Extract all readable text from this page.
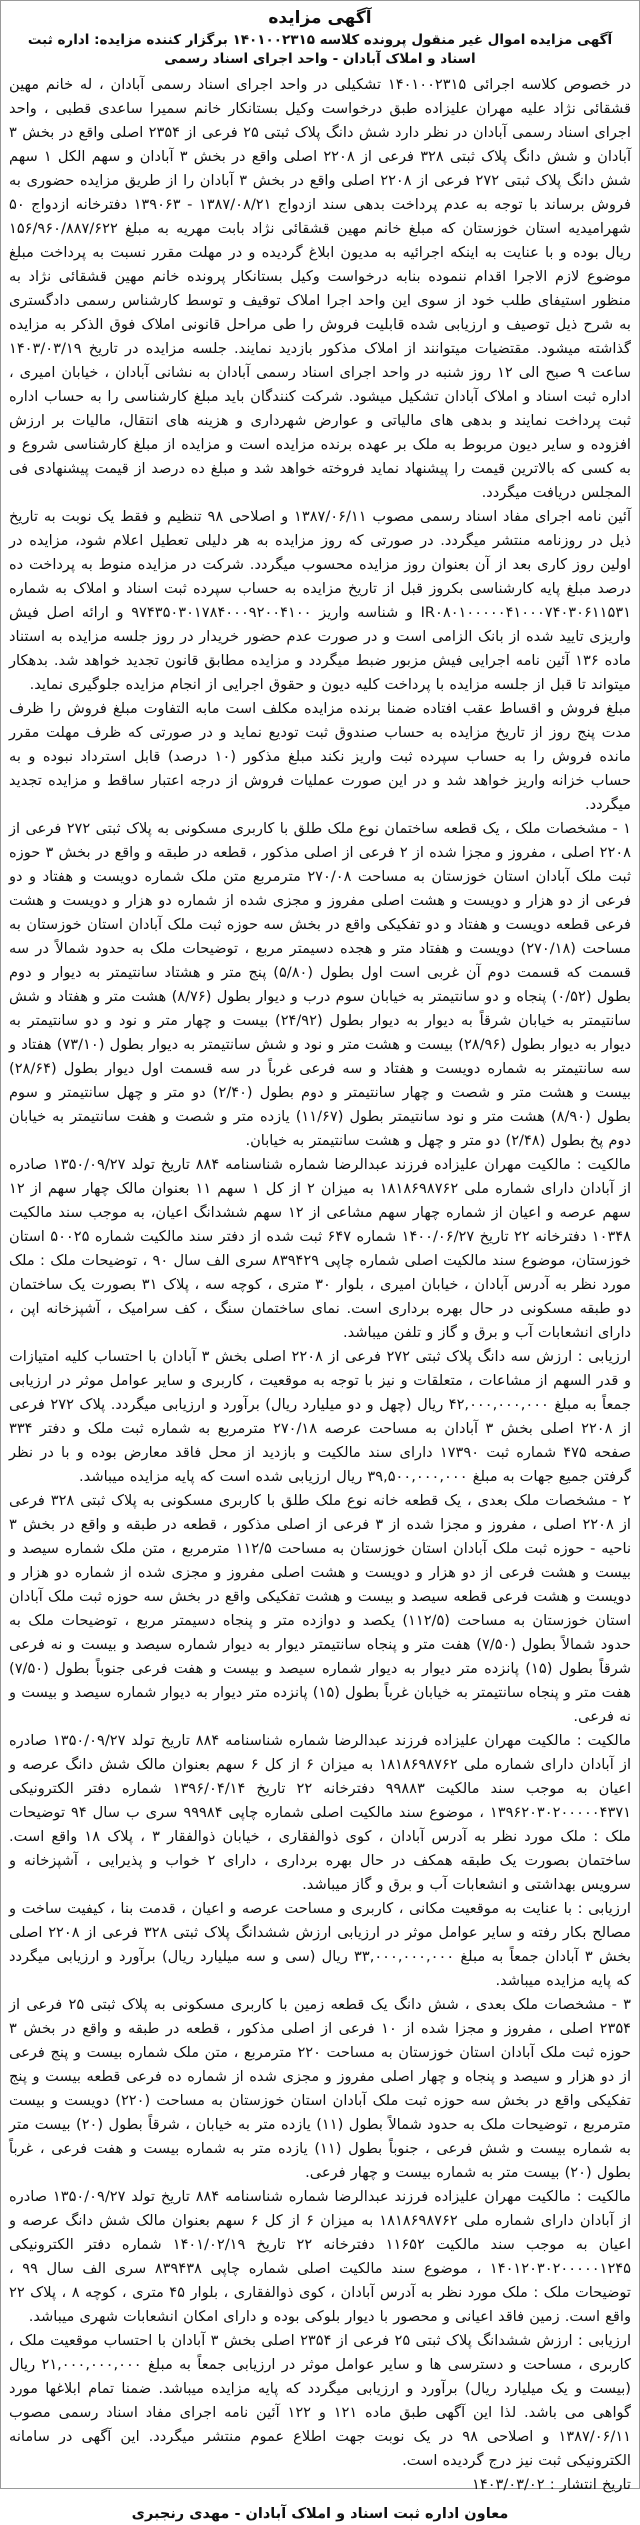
آگهی مزایده

آگهی مزایده اموال غیر منقول پرونده کلاسه ۱۴۰۱۰۰۲۳۱۵ برگزار کننده مزایده: اداره ثبت اسناد و املاک آبادان - واحد اجرای اسناد رسمی

در خصوص کلاسه اجرائی ۱۴۰۱۰۰۲۳۱۵ تشکیلی در واحد اجرای اسناد رسمی آبادان ، له خانم مهین قشقائی نژاد علیه مهران علیزاده طبق درخواست وکیل بستانکار خانم سمیرا ساعدی قطبی ، واحد اجرای اسناد رسمی آبادان در نظر دارد شش دانگ پلاک ثبتی ۲۵ فرعی از ۲۳۵۴ اصلی واقع در بخش ۳ آبادان و شش دانگ پلاک ثبتی ۳۲۸ فرعی از ۲۲۰۸ اصلی واقع در بخش ۳ آبادان و سهم الکل ۱ سهم شش دانگ پلاک ثبتی ۲۷۲ فرعی از ۲۲۰۸ اصلی واقع در بخش ۳ آبادان را از طریق مزایده حضوری به فروش برساند با توجه به عدم پرداخت بدهی سند ازدواج ۱۳۸۷/۰۸/۲۱ - ۱۳۹۰۶۳ دفترخانه ازدواج ۵۰ شهرامیدیه استان خوزستان که مبلغ خانم مهین قشقائی نژاد بابت مهریه به مبلغ ۱۵۶/۹۶۰/۸۸۷/۶۲۲ ریال بوده و با عنایت به اینکه اجرائیه به مدیون ابلاغ گردیده و در مهلت مقرر نسبت به پرداخت مبلغ موضوع لازم الاجرا اقدام ننموده بنابه درخواست وکیل بستانکار پرونده خانم مهین قشقائی نژاد به منظور استیفای طلب خود از سوی این واحد اجرا املاک توقیف و توسط کارشناس رسمی دادگستری به شرح ذیل توصیف و ارزیابی شده قابلیت فروش را طی مراحل قانونی املاک فوق الذکر به مزایده گذاشته میشود. مقتضیات میتوانند از املاک مذکور بازدید نمایند. جلسه مزایده در تاریخ ۱۴۰۳/۰۳/۱۹ ساعت ۹ صبح الی ۱۲ روز شنبه در واحد اجرای اسناد رسمی آبادان به نشانی آبادان ، خیابان امیری ، اداره ثبت اسناد و املاک آبادان تشکیل میشود. شرکت کنندگان باید مبلغ کارشناسی را به حساب اداره ثبت پرداخت نمایند و بدهی های مالیاتی و عوارض شهرداری و هزینه های انتقال، مالیات بر ارزش افزوده و سایر دیون مربوط به ملک بر عهده برنده مزایده است و مزایده از مبلغ کارشناسی شروع و به کسی که بالاترین قیمت را پیشنهاد نماید فروخته خواهد شد و مبلغ ده درصد از قیمت پیشنهادی فی المجلس دریافت میگردد.

آئین نامه اجرای مفاد اسناد رسمی مصوب ۱۳۸۷/۰۶/۱۱ و اصلاحی ۹۸ تنظیم و فقط یک نوبت به تاریخ ذیل در روزنامه منتشر میگردد. در صورتی که روز مزایده به هر دلیلی تعطیل اعلام شود، مزایده در اولین روز کاری بعد از آن بعنوان روز مزایده محسوب میگردد. شرکت در مزایده منوط به پرداخت ده درصد مبلغ پایه کارشناسی بکروز قبل از تاریخ مزایده به حساب سپرده ثبت اسناد و املاک به شماره IR۰۸۰۱۰۰۰۰۰۴۱۰۰۰۷۴۰۳۰۶۱۱۵۳۱ و شناسه واریز ۹۷۴۳۵۰۳۰۱۷۸۴۰۰۰۹۲۰۰۴۱۰۰ و ارائه اصل فیش واریزی تایید شده از بانک الزامی است و در صورت عدم حضور خریدار در روز جلسه مزایده به استناد ماده ۱۳۶ آئین نامه اجرایی فیش مزبور ضبط میگردد و مزایده مطابق قانون تجدید خواهد شد. بدهکار میتواند تا قبل از جلسه مزایده با پرداخت کلیه دیون و حقوق اجرایی از انجام مزایده جلوگیری نماید.

مبلغ فروش و اقساط عقب افتاده ضمنا برنده مزایده مکلف است مابه التفاوت مبلغ فروش را ظرف مدت پنج روز از تاریخ مزایده به حساب صندوق ثبت تودیع نماید و در صورتی که ظرف مهلت مقرر مانده فروش را به حساب سپرده ثبت واریز نکند مبلغ مذکور (۱۰ درصد) قابل استرداد نبوده و به حساب خزانه واریز خواهد شد و در این صورت عملیات فروش از درجه اعتبار ساقط و مزایده تجدید میگردد.

۱ - مشخصات ملک ، یک قطعه ساختمان نوع ملک طلق با کاربری مسکونی به پلاک ثبتی ۲۷۲ فرعی از ۲۲۰۸ اصلی ، مفروز و مجزا شده از ۲ فرعی از اصلی مذکور ، قطعه در طبقه و واقع در بخش ۳ حوزه ثبت ملک آبادان استان خوزستان به مساحت ۲۷۰/۰۸ مترمربع متن ملک شماره دویست و هفتاد و دو فرعی از دو هزار و دویست و هشت اصلی مفروز و مجزی شده از شماره دو هزار و دویست و هشت فرعی قطعه دویست و هفتاد و دو تفکیکی واقع در بخش سه حوزه ثبت ملک آبادان استان خوزستان به مساحت (۲۷۰/۱۸) دویست و هفتاد متر و هجده دسیمتر مربع ، توضیحات ملک به حدود شمالاً در سه قسمت که قسمت دوم آن غربی است اول بطول (۵/۸۰) پنج متر و هشتاد سانتیمتر به دیوار و دوم بطول (۰/۵۲) پنجاه و دو سانتیمتر به خیابان سوم درب و دیوار بطول (۸/۷۶) هشت متر و هفتاد و شش سانتیمتر به خیابان شرقاً به دیوار به دیوار بطول (۲۴/۹۲) بیست و چهار متر و نود و دو سانتیمتر به دیوار به دیوار بطول (۲۸/۹۶) بیست و هشت متر و نود و شش سانتیمتر به دیوار بطول (۷۳/۱۰) هفتاد و سه سانتیمتر به شماره دویست و هفتاد و سه فرعی غرباً در سه قسمت اول دیوار بطول (۲۸/۶۴) بیست و هشت متر و شصت و چهار سانتیمتر و دوم بطول (۲/۴۰) دو متر و چهل سانتیمتر و سوم بطول (۸/۹۰) هشت متر و نود سانتیمتر بطول (۱۱/۶۷) یازده متر و شصت و هفت سانتیمتر به خیابان دوم پخ بطول (۲/۴۸) دو متر و چهل و هشت سانتیمتر به خیابان.

مالکیت : مالکیت مهران علیزاده فرزند عبدالرضا شماره شناسنامه ۸۸۴ تاریخ تولد ۱۳۵۰/۰۹/۲۷ صادره از آبادان دارای شماره ملی ۱۸۱۸۶۹۸۷۶۲ به میزان ۲ از کل ۱ سهم ۱۱ بعنوان مالک چهار سهم از ۱۲ سهم عرصه و اعیان از شماره چهار سهم مشاعی از ۱۲ سهم ششدانگ اعیان، به موجب سند مالکیت ۱۰۳۴۸ دفترخانه ۲۲ تاریخ ۱۴۰۰/۰۶/۲۷ شماره ۶۴۷ ثبت شده از دفتر سند مالکیت شماره ۵۰۰۲۵ استان خوزستان، موضوع سند مالکیت اصلی شماره چاپی ۸۳۹۴۲۹ سری الف سال ۹۰ ، توضیحات ملک : ملک مورد نظر به آدرس آبادان ، خیابان امیری ، بلوار ۳۰ متری ، کوچه سه ، پلاک ۳۱ بصورت یک ساختمان دو طبقه مسکونی در حال بهره برداری است. نمای ساختمان سنگ ، کف سرامیک ، آشپزخانه اپن ، دارای انشعابات آب و برق و گاز و تلفن میباشد.

ارزیابی : ارزش سه دانگ پلاک ثبتی ۲۷۲ فرعی از ۲۲۰۸ اصلی بخش ۳ آبادان با احتساب کلیه امتیازات و قدر السهم از مشاعات ، متعلقات و نیز با توجه به موقعیت ، کاربری و سایر عوامل موثر در ارزیابی جمعاً به مبلغ ۴۲,۰۰۰,۰۰۰,۰۰۰ ریال (چهل و دو میلیارد ریال) برآورد و ارزیابی میگردد. پلاک ۲۷۲ فرعی از ۲۲۰۸ اصلی بخش ۳ آبادان به مساحت عرصه ۲۷۰/۱۸ مترمربع به شماره ثبت ملک و دفتر ۳۳۴ صفحه ۴۷۵ شماره ثبت ۱۷۳۹۰ دارای سند مالکیت و بازدید از محل فاقد معارض بوده و با در نظر گرفتن جمیع جهات به مبلغ ۳۹,۵۰۰,۰۰۰,۰۰۰ ریال ارزیابی شده است که پایه مزایده میباشد.

۲ - مشخصات ملک بعدی ، یک قطعه خانه نوع ملک طلق با کاربری مسکونی به پلاک ثبتی ۳۲۸ فرعی از ۲۲۰۸ اصلی ، مفروز و مجزا شده از ۳ فرعی از اصلی مذکور ، قطعه در طبقه و واقع در بخش ۳ ناحیه - حوزه ثبت ملک آبادان استان خوزستان به مساحت ۱۱۲/۵ مترمربع ، متن ملک شماره سیصد و بیست و هشت فرعی از دو هزار و دویست و هشت اصلی مفروز و مجزی شده از شماره دو هزار و دویست و هشت فرعی قطعه سیصد و بیست و هشت تفکیکی واقع در بخش سه حوزه ثبت ملک آبادان استان خوزستان به مساحت (۱۱۲/۵) یکصد و دوازده متر و پنجاه دسیمتر مربع ، توضیحات ملک به حدود شمالاً بطول (۷/۵۰) هفت متر و پنجاه سانتیمتر دیوار به دیوار شماره سیصد و بیست و نه فرعی شرقاً بطول (۱۵) پانزده متر دیوار به دیوار شماره سیصد و بیست و هفت فرعی جنوباً بطول (۷/۵۰) هفت متر و پنجاه سانتیمتر به خیابان غرباً بطول (۱۵) پانزده متر دیوار به دیوار شماره سیصد و بیست و نه فرعی.

مالکیت : مالکیت مهران علیزاده فرزند عبدالرضا شماره شناسنامه ۸۸۴ تاریخ تولد ۱۳۵۰/۰۹/۲۷ صادره از آبادان دارای شماره ملی ۱۸۱۸۶۹۸۷۶۲ به میزان ۶ از کل ۶ سهم بعنوان مالک شش دانگ عرصه و اعیان به موجب سند مالکیت ۹۹۸۸۳ دفترخانه ۲۲ تاریخ ۱۳۹۶/۰۴/۱۴ شماره دفتر الکترونیکی ۱۳۹۶۲۰۳۰۲۰۰۰۰۰۴۳۷۱ ، موضوع سند مالکیت اصلی شماره چاپی ۹۹۹۸۴ سری ب سال ۹۴ توضیحات ملک : ملک مورد نظر به آدرس آبادان ، کوی ذوالفقاری ، خیابان ذوالفقار ۳ ، پلاک ۱۸ واقع است. ساختمان بصورت یک طبقه همکف در حال بهره برداری ، دارای ۲ خواب و پذیرایی ، آشپزخانه و سرویس بهداشتی و انشعابات آب و برق و گاز میباشد.

ارزیابی : با عنایت به موقعیت مکانی ، کاربری و مساحت عرصه و اعیان ، قدمت بنا ، کیفیت ساخت و مصالح بکار رفته و سایر عوامل موثر در ارزیابی ارزش ششدانگ پلاک ثبتی ۳۲۸ فرعی از ۲۲۰۸ اصلی بخش ۳ آبادان جمعاً به مبلغ ۳۳,۰۰۰,۰۰۰,۰۰۰ ریال (سی و سه میلیارد ریال) برآورد و ارزیابی میگردد که پایه مزایده میباشد.

۳ - مشخصات ملک بعدی ، شش دانگ یک قطعه زمین با کاربری مسکونی به پلاک ثبتی ۲۵ فرعی از ۲۳۵۴ اصلی ، مفروز و مجزا شده از ۱۰ فرعی از اصلی مذکور ، قطعه در طبقه و واقع در بخش ۳ حوزه ثبت ملک آبادان استان خوزستان به مساحت ۲۲۰ مترمربع ، متن ملک شماره بیست و پنج فرعی از دو هزار و سیصد و پنجاه و چهار اصلی مفروز و مجزی شده از شماره ده فرعی قطعه بیست و پنج تفکیکی واقع در بخش سه حوزه ثبت ملک آبادان استان خوزستان به مساحت (۲۲۰) دویست و بیست مترمربع ، توضیحات ملک به حدود شمالاً بطول (۱۱) یازده متر به خیابان ، شرقاً بطول (۲۰) بیست متر به شماره بیست و شش فرعی ، جنوباً بطول (۱۱) یازده متر به شماره بیست و هفت فرعی ، غرباً بطول (۲۰) بیست متر به شماره بیست و چهار فرعی.

مالکیت : مالکیت مهران علیزاده فرزند عبدالرضا شماره شناسنامه ۸۸۴ تاریخ تولد ۱۳۵۰/۰۹/۲۷ صادره از آبادان دارای شماره ملی ۱۸۱۸۶۹۸۷۶۲ به میزان ۶ از کل ۶ سهم بعنوان مالک شش دانگ عرصه و اعیان به موجب سند مالکیت ۱۱۶۵۲ دفترخانه ۲۲ تاریخ ۱۴۰۱/۰۲/۱۹ شماره دفتر الکترونیکی ۱۴۰۱۲۰۳۰۲۰۰۰۰۰۱۲۴۵ ، موضوع سند مالکیت اصلی شماره چاپی ۸۳۹۴۳۸ سری الف سال ۹۹ ، توضیحات ملک : ملک مورد نظر به آدرس آبادان ، کوی ذوالفقاری ، بلوار ۴۵ متری ، کوچه ۸ ، پلاک ۲۲ واقع است. زمین فاقد اعیانی و محصور با دیوار بلوکی بوده و دارای امکان انشعابات شهری میباشد.

ارزیابی : ارزش ششدانگ پلاک ثبتی ۲۵ فرعی از ۲۳۵۴ اصلی بخش ۳ آبادان با احتساب موقعیت ملک ، کاربری ، مساحت و دسترسی ها و سایر عوامل موثر در ارزیابی جمعاً به مبلغ ۲۱,۰۰۰,۰۰۰,۰۰۰ ریال (بیست و یک میلیارد ریال) برآورد و ارزیابی میگردد که پایه مزایده میباشد. ضمنا تمام ابلاغها مورد گواهی می باشد. لذا این آگهی طبق ماده ۱۲۱ و ۱۲۲ آئین نامه اجرای مفاد اسناد رسمی مصوب ۱۳۸۷/۰۶/۱۱ و اصلاحی ۹۸ در یک نوبت جهت اطلاع عموم منتشر میگردد. این آگهی در سامانه الکترونیکی ثبت نیز درج گردیده است.

تاریخ انتشار : ۱۴۰۳/۰۳/۰۲

معاون اداره ثبت اسناد و املاک آبادان - مهدی رنجبری
